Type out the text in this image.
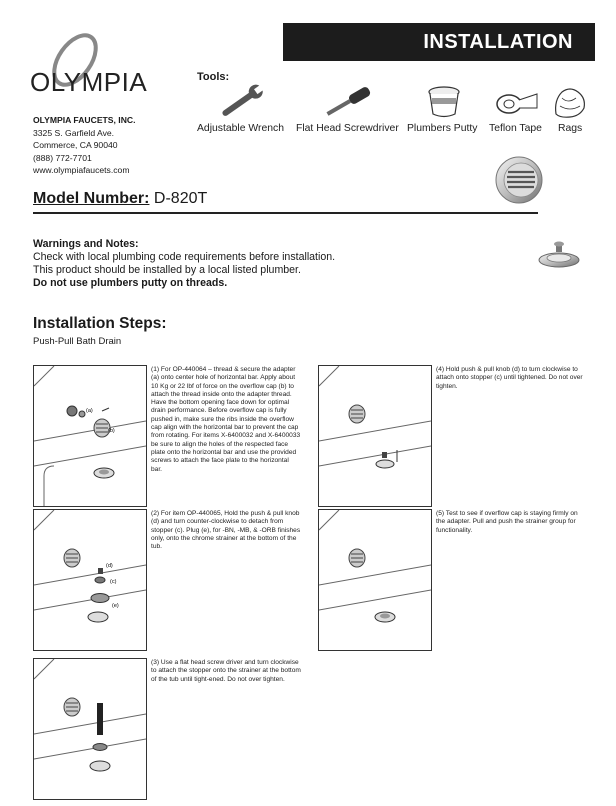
INSTALLATION
OLYMPIA
OLYMPIA FAUCETS, INC.
3325 S. Garfield Ave.
Commerce, CA 90040
(888) 772-7701
www.olympiafaucets.com
Tools:
Adjustable Wrench Flat Head Screwdriver Plumbers Putty Teflon Tape Rags
Model Number: D-820T
Warnings and Notes:
Check with local plumbing code requirements before installation.
This product should be installed by a local listed plumber.
Do not use plumbers putty on threads.
Installation Steps:
Push-Pull Bath Drain
(a)
(b)
(1) For OP-440064 – thread & secure the adapter (a) onto center hole of horizontal bar. Apply about 10 Kg or 22 lbf of force on the overflow cap (b) to attach the thread inside onto the adapter thread. Have the bottom opening face down for optimal drain performance. Before overflow cap is fully pushed in, make sure the ribs inside the overflow cap align with the horizontal bar to prevent the cap from rotating. For items X-6400032 and X-6400033 be sure to align the holes of the respected face plate onto the horizontal bar and use the provided screws to attach the face plate to the horizontal bar.
(d)
(c)
(e)
(2) For item OP-440065, Hold the push & pull knob (d) and turn counter-clockwise to detach from stopper (c). Plug (e), for -BN, -MB, & -ORB finishes only, onto the chrome strainer at the bottom of the tub.
(3) Use a flat head screw driver and turn clockwise to attach the stopper onto the strainer at the bottom of the tub until tight-ened. Do not over tighten.
(4) Hold push & pull knob (d) to turn clockwise to attach onto stopper (c) until tightened. Do not over tighten.
(5) Test to see if overflow cap is staying firmly on the adapter. Pull and push the strainer group for functionality.
